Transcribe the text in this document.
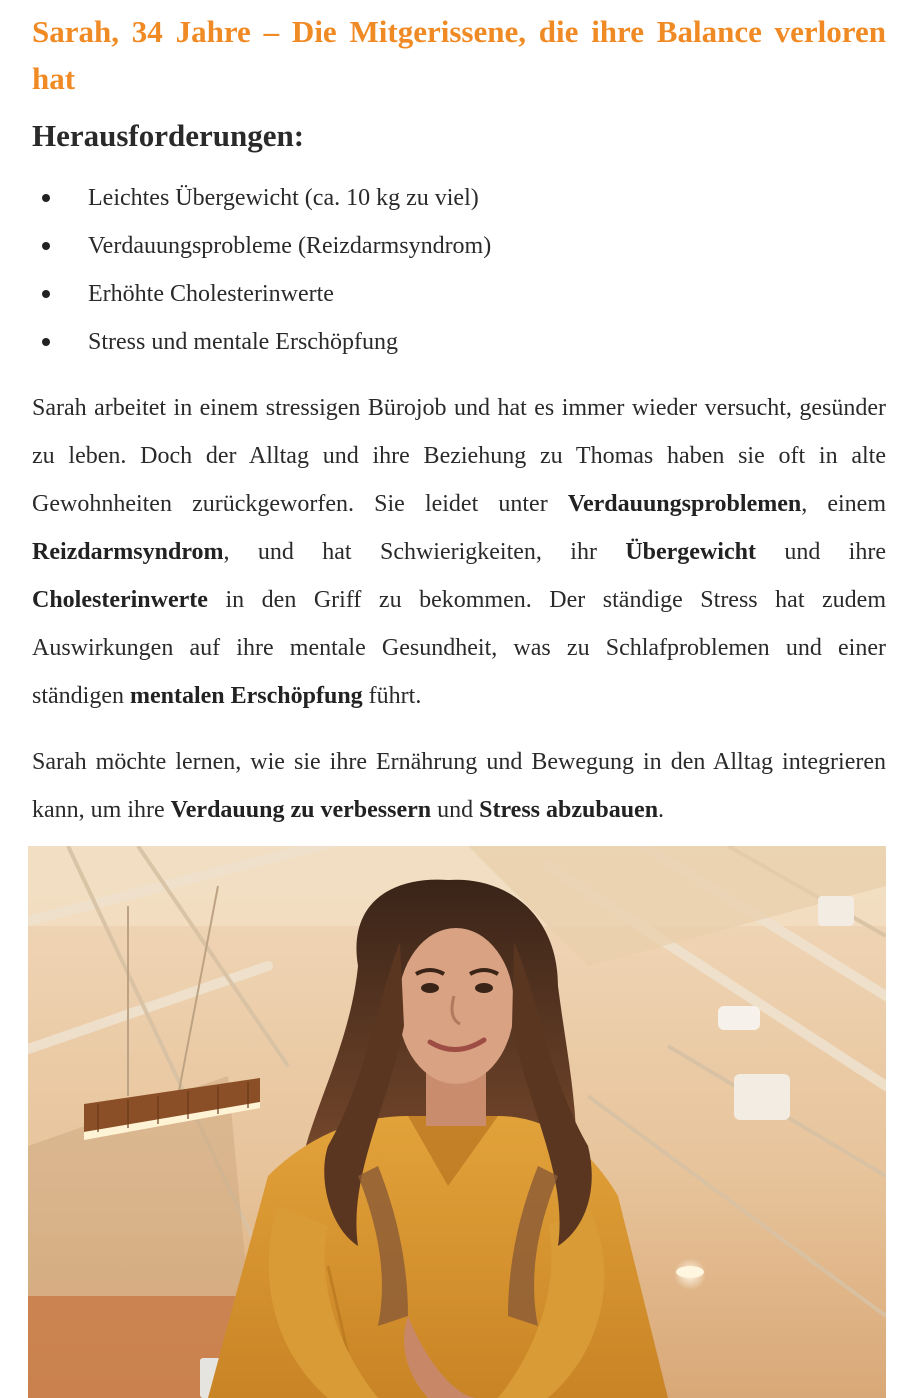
Sarah, 34 Jahre – Die Mitgerissene, die ihre Balance verloren hat
Herausforderungen:
Leichtes Übergewicht (ca. 10 kg zu viel)
Verdauungsprobleme (Reizdarmsyndrom)
Erhöhte Cholesterinwerte
Stress und mentale Erschöpfung

Sarah arbeitet in einem stressigen Bürojob und hat es immer wieder versucht, gesünder zu leben. Doch der Alltag und ihre Beziehung zu Thomas haben sie oft in alte Gewohnheiten zurückgeworfen. Sie leidet unter Verdauungsproblemen, einem Reizdarmsyndrom, und hat Schwierigkeiten, ihr Übergewicht und ihre Cholesterinwerte in den Griff zu bekommen. Der ständige Stress hat zudem Auswirkungen auf ihre mentale Gesundheit, was zu Schlafproblemen und einer ständigen mentalen Erschöpfung führt.

Sarah möchte lernen, wie sie ihre Ernährung und Bewegung in den Alltag integrieren kann, um ihre Verdauung zu verbessern und Stress abzubauen.
